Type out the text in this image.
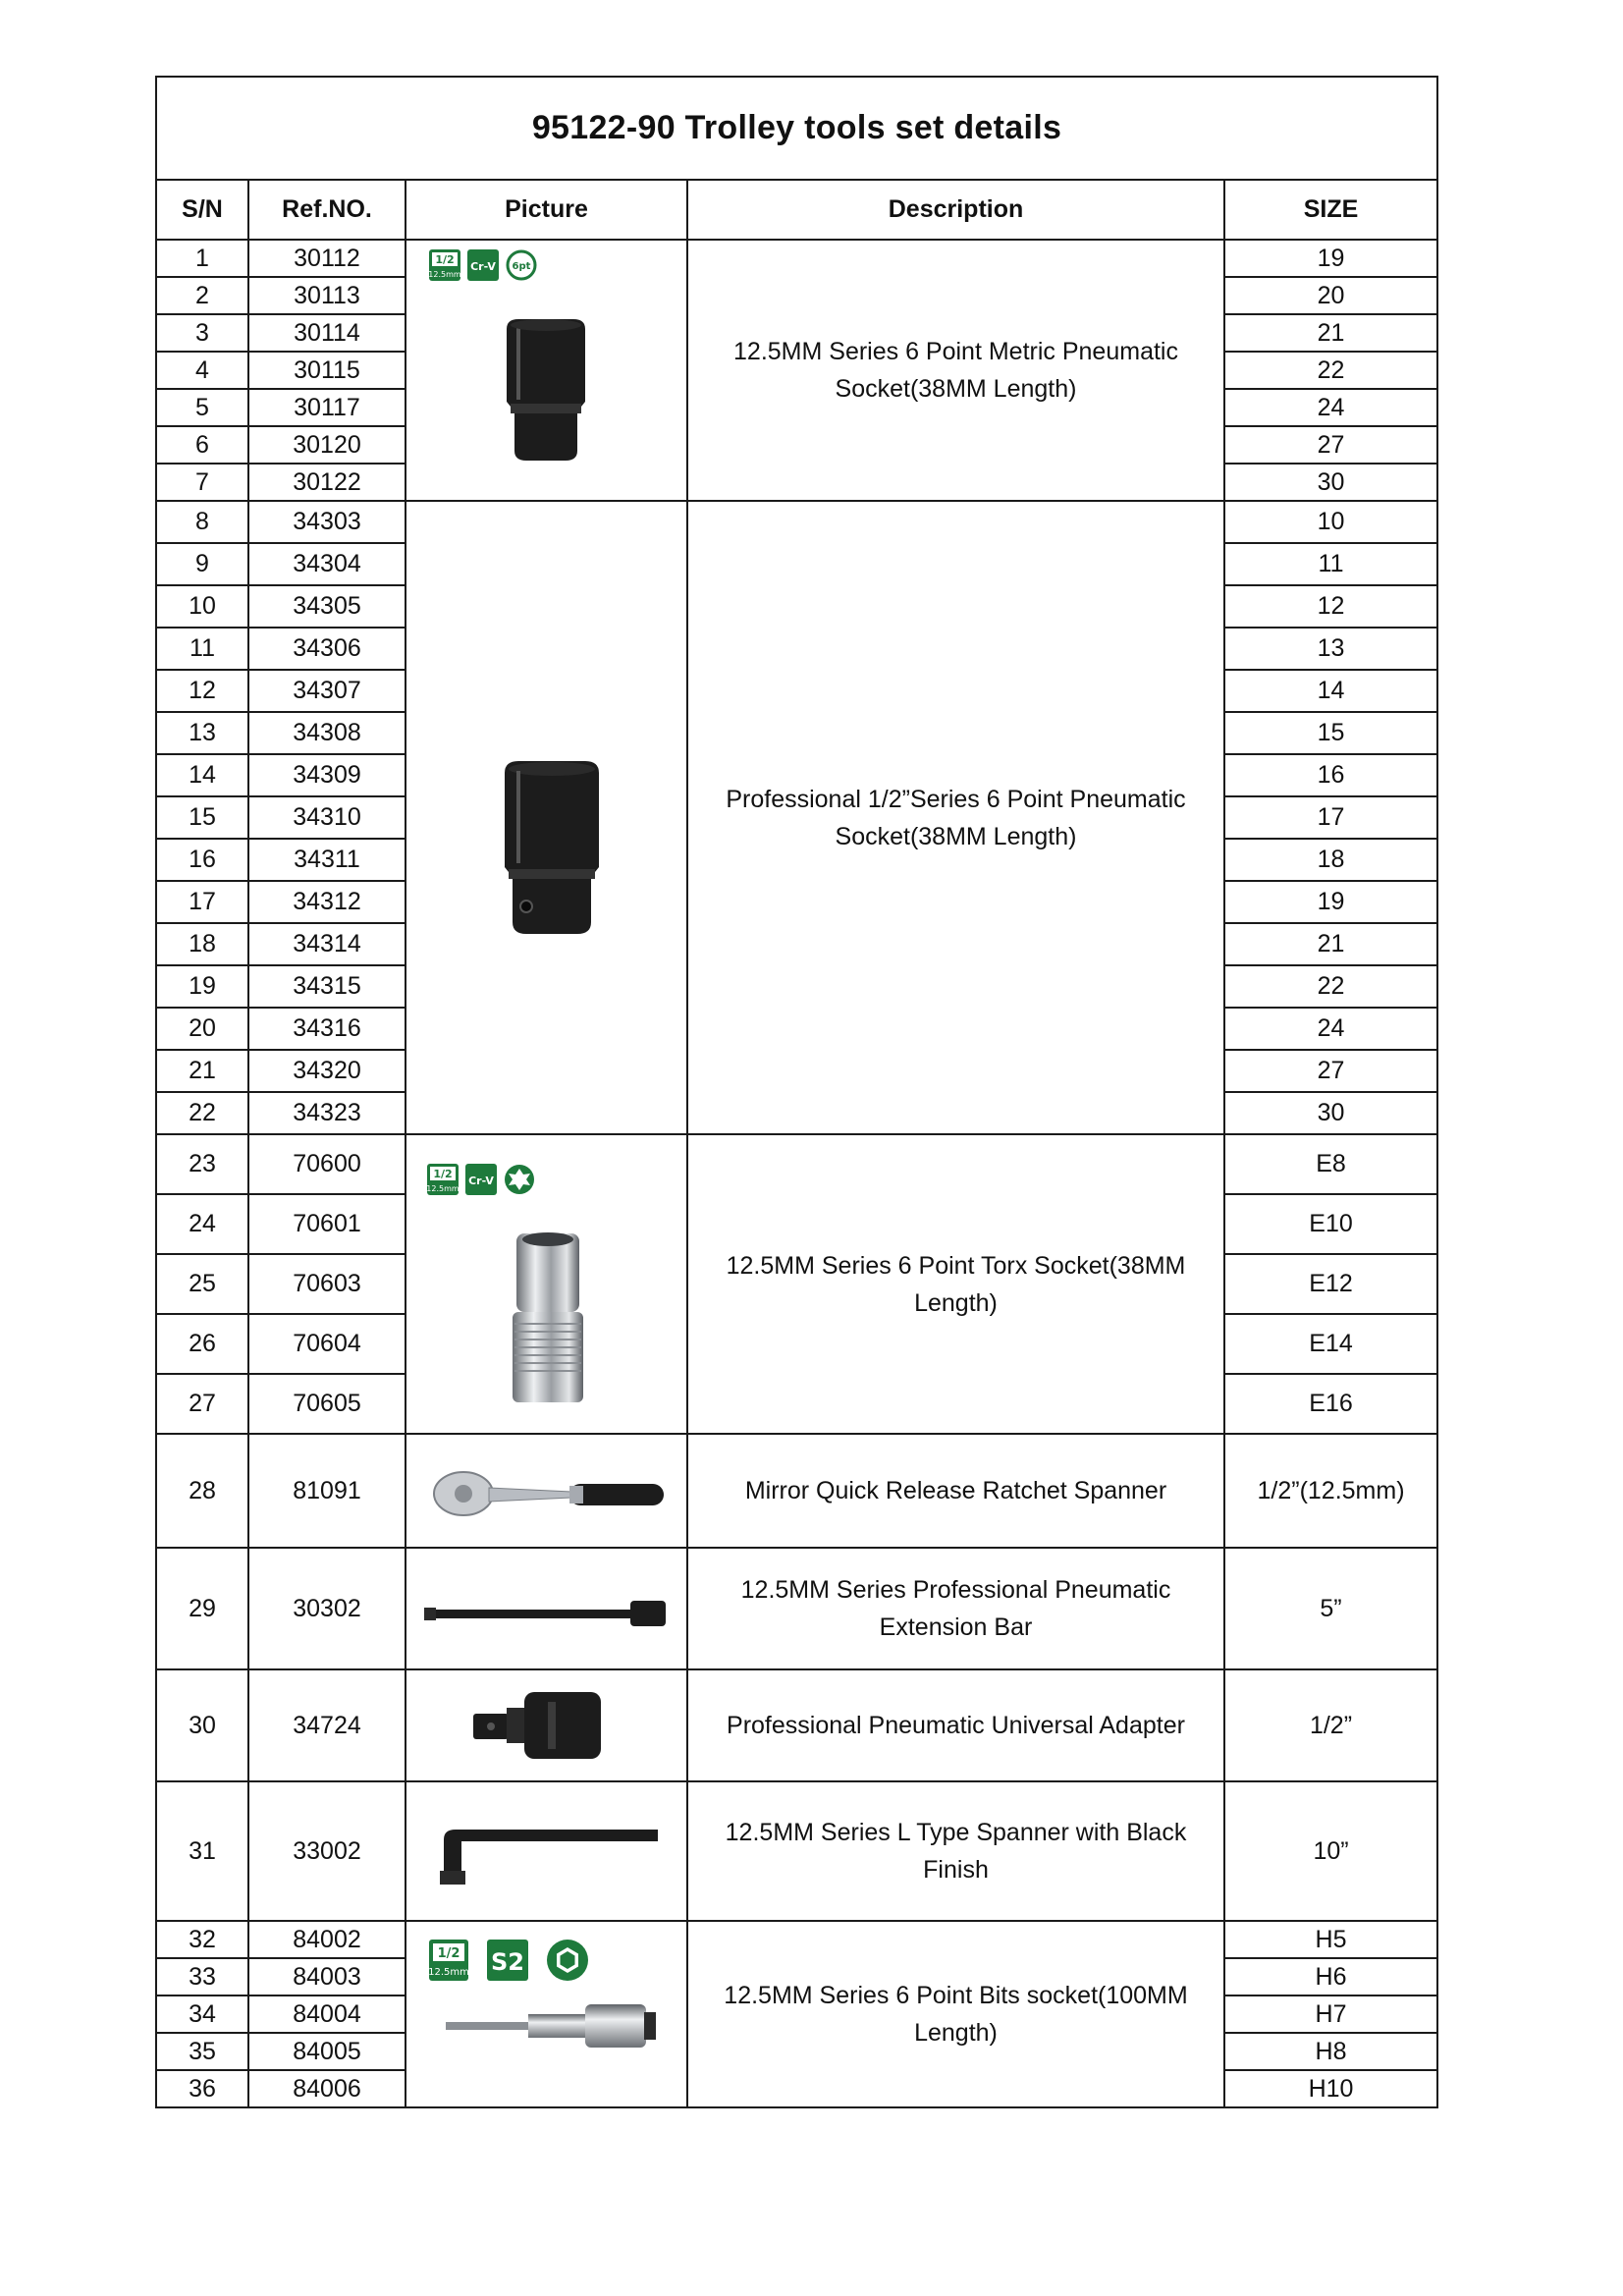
95122-90 Trolley tools set details				
S/N	Ref.NO.	Picture	Description	SIZE
1	30112	1/2
12.5mm
Cr-V 6pt	12.5MM Series 6 Point Metric Pneumatic
Socket(38MM Length)	19
2	30113			20
3	30114			21
4	30115			22
5	30117			24
6	30120			27
7	30122			30
8	34303		Professional 1/2”Series 6 Point Pneumatic
Socket(38MM Length)	10
9	34304			11
10	34305			12
11	34306			13
12	34307			14
13	34308			15
14	34309			16
15	34310			17
16	34311			18
17	34312			19
18	34314			21
19	34315			22
20	34316			24
21	34320			27
22	34323			30
23	70600	1/2
12.5mm
Cr-V	12.5MM Series 6 Point Torx Socket(38MM
Length)	E8
24	70601			E10
25	70603			E12
26	70604			E14
27	70605			E16
28	81091		Mirror Quick Release Ratchet Spanner	1/2”(12.5mm)
29	30302		12.5MM Series Professional Pneumatic
Extension Bar	5”
30	34724		Professional Pneumatic Universal Adapter	1/2”
31	33002		12.5MM Series L Type Spanner with Black
Finish	10”
32	84002	1/2
12.5mm S2	12.5MM Series 6 Point Bits socket(100MM
Length)	H5
33	84003			H6
34	84004			H7
35	84005			H8
36	84006			H10
